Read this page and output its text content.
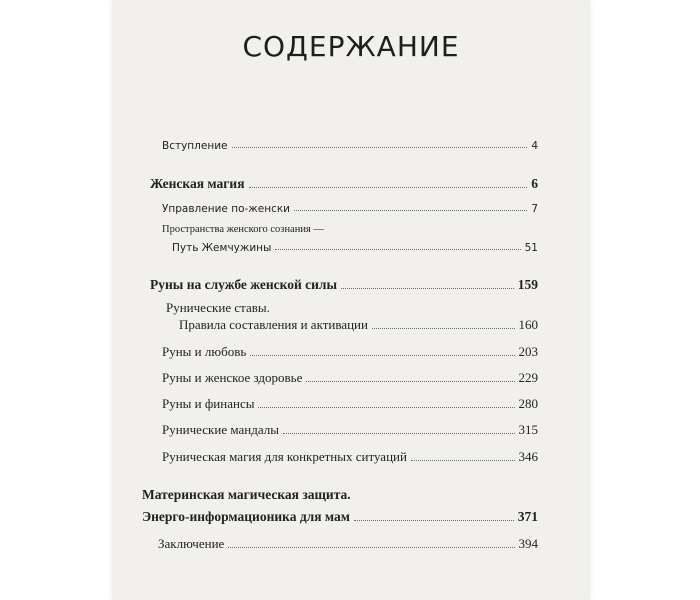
СОДЕРЖАНИЕ
Вступление	4
Женская магия	6
Управление по-женски	7
Пространства женского сознания —
Путь Жемчужины	51
Руны на службе женской силы	159
Рунические ставы.
Правила составления и активации	160
Руны и любовь	203
Руны и женское здоровье	229
Руны и финансы	280
Рунические мандалы	315
Руническая магия для конкретных ситуаций	346
Материнская магическая защита.
Энерго-информационика для мам	371
Заключение	394
